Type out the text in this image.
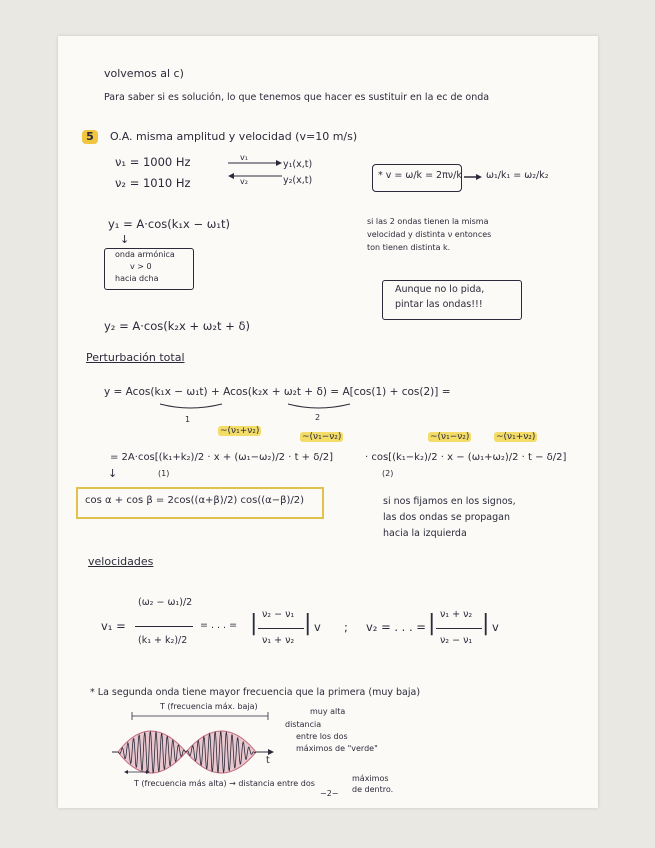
volvemos al c)
Para saber si es solución, lo que tenemos que hacer es sustituir en la ec de onda
5	O.A. misma amplitud y velocidad (v=10 m/s)
ν₁ = 1000 Hz
ν₂ = 1010 Hz
v₁
v₂
y₁(x,t)
y₂(x,t)	* v = ω/k = 2πν/k	ω₁/k₁ = ω₂/k₂
si las 2 ondas tienen la misma
velocidad y distinta ν entonces
ton tienen distinta k.
y₁ = A·cos(k₁x − ω₁t)
↓
onda armónica
v > 0
hacia dcha
Aunque no lo pida,
pintar las ondas!!!
y₂ = A·cos(k₂x + ω₂t + δ)
Perturbación total
y = Acos(k₁x − ω₁t) + Acos(k₂x + ω₂t + δ) = A[cos(1) + cos(2)] =
1	2
~(ν₁+ν₂)
~(ν₁−ν₂)	~(ν₁−ν₂)	~(ν₁+ν₂)
= 2A·cos[(k₁+k₂)/2 · x + (ω₁−ω₂)/2 · t + δ/2]	· cos[(k₁−k₂)/2 · x − (ω₁+ω₂)/2 · t − δ/2]
(1)	(2)
↓
cos α + cos β = 2cos((α+β)/2) cos((α−β)/2)	si nos fijamos en los signos,
las dos ondas se propagan
hacia la izquierda
velocidades
v₁ =
(ω₂ − ω₁)/2
(k₁ + k₂)/2
= . . . =
ν₂ − ν₁
ν₁ + ν₂
| | v ; v₂ = . . . =
ν₁ + ν₂
ν₂ − ν₁
| | v
* La segunda onda tiene mayor frecuencia que la primera (muy baja)
T (frecuencia máx. baja)
muy alta
distancia
entre los dos
máximos de "verde"
t
T (frecuencia más alta) → distancia entre dos
−2−
máximos
de dentro.
